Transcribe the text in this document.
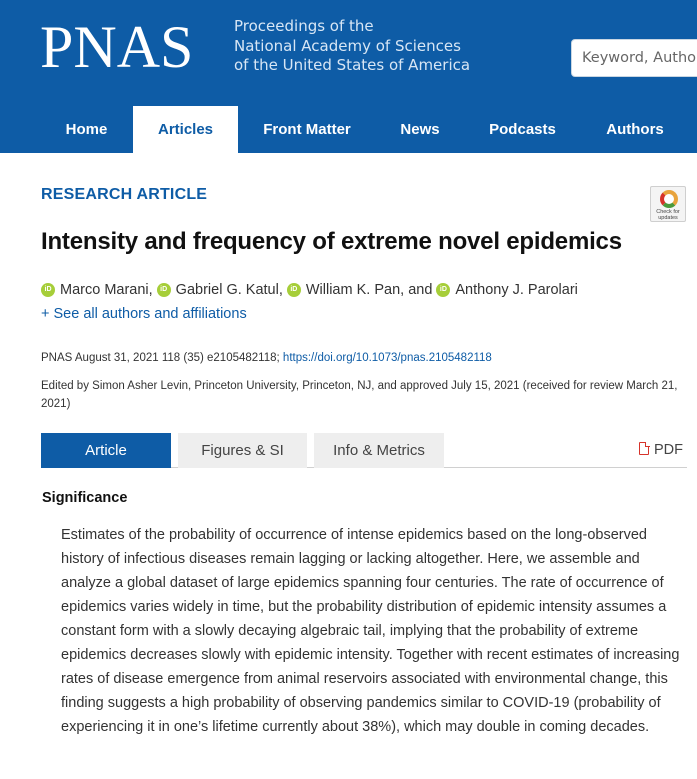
PNAS	Proceedings of the
National Academy of Sciences
of the United States of America
Keyword, Author, or DOI
Home	Articles	Front Matter	News	Podcasts	Authors
RESEARCH ARTICLE
Check for
updates
Intensity and frequency of extreme novel epidemics
iD Marco Marani,	iD Gabriel G. Katul,	iD William K. Pan, and	iD Anthony J. Parolari
+ See all authors and affiliations
PNAS August 31, 2021 118 (35) e2105482118; https://doi.org/10.1073/pnas.2105482118
Edited by Simon Asher Levin, Princeton University, Princeton, NJ, and approved July 15, 2021 (received for review March 21, 2021)
Article	Figures & SI	Info & Metrics	PDF
Significance

Estimates of the probability of occurrence of intense epidemics based on the long-observed history of infectious diseases remain lagging or lacking altogether. Here, we assemble and analyze a global dataset of large epidemics spanning four centuries. The rate of occurrence of epidemics varies widely in time, but the probability distribution of epidemic intensity assumes a constant form with a slowly decaying algebraic tail, implying that the probability of extreme epidemics decreases slowly with epidemic intensity. Together with recent estimates of increasing rates of disease emergence from animal reservoirs associated with environmental change, this finding suggests a high probability of observing pandemics similar to COVID-19 (probability of experiencing it in one’s lifetime currently about 38%), which may double in coming decades.
